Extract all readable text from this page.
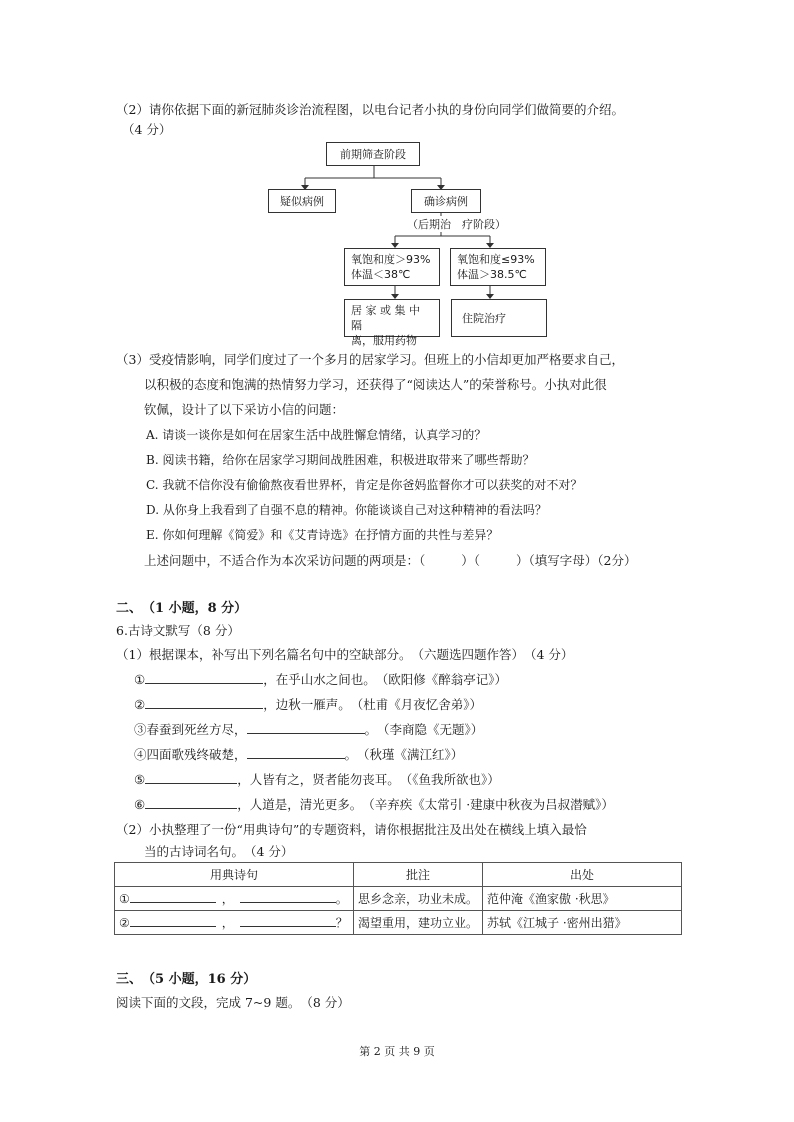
（2）请你依据下面的新冠肺炎诊治流程图，以电台记者小执的身份向同学们做简要的介绍。
（4 分）
前期筛查阶段
疑似病例	确诊病例
（后期治　疗阶段）
氧饱和度＞93%
体温＜38℃
氧饱和度≤93%
体温＞38.5℃
居 家 或 集 中 隔
离，服用药物
住院治疗
（3）受疫情影响，同学们度过了一个多月的居家学习。但班上的小信却更加严格要求自己，
以积极的态度和饱满的热情努力学习，还获得了“阅读达人”的荣誉称号。小执对此很
钦佩，设计了以下采访小信的问题：
A. 请谈一谈你是如何在居家生活中战胜懈怠情绪，认真学习的？
B. 阅读书籍，给你在居家学习期间战胜困难，积极进取带来了哪些帮助？
C. 我就不信你没有偷偷熬夜看世界杯，肯定是你爸妈监督你才可以获奖的对不对？
D. 从你身上我看到了自强不息的精神。你能谈谈自己对这种精神的看法吗？
E. 你如何理解《简爱》和《艾青诗选》在抒情方面的共性与差异？
上述问题中，不适合作为本次采访问题的两项是：（	）（	）（填写字母）（2分）
二、　（1 小题，8 分）
6.古诗文默写（8 分）
（1）根据课本，补写出下列名篇名句中的空缺部分。　（六题选四题作答）　（4 分）
①	，在乎山水之间也。　（欧阳修《醉翁亭记》）
②	，边秋一雁声。　（杜甫《月夜忆舍弟》）
③春蚕到死丝方尽，	。　（李商隐《无题》）
④四面歌残终破楚，	。　（秋瑾《满江红》）
⑤	，人皆有之，贤者能勿丧耳。　（《鱼我所欲也》）
⑥	，人道是，清光更多。　（辛弃疾《太常引 ·建康中秋夜为吕叔潜赋》）
（2）小执整理了一份“用典诗句”的专题资料，请你根据批注及出处在横线上填入最恰
当的古诗词名句。　（4 分）
用典诗句	批注	出处
① ， 。	思乡念亲，功业未成。	范仲淹《渔家傲 ·秋思》
② ， ？	渴望重用，建功立业。	苏轼《江城子 ·密州出猎》
三、　（5 小题，16 分）
阅读下面的文段，完成 7~9 题。　（8 分）
第 2 页 共 9 页
